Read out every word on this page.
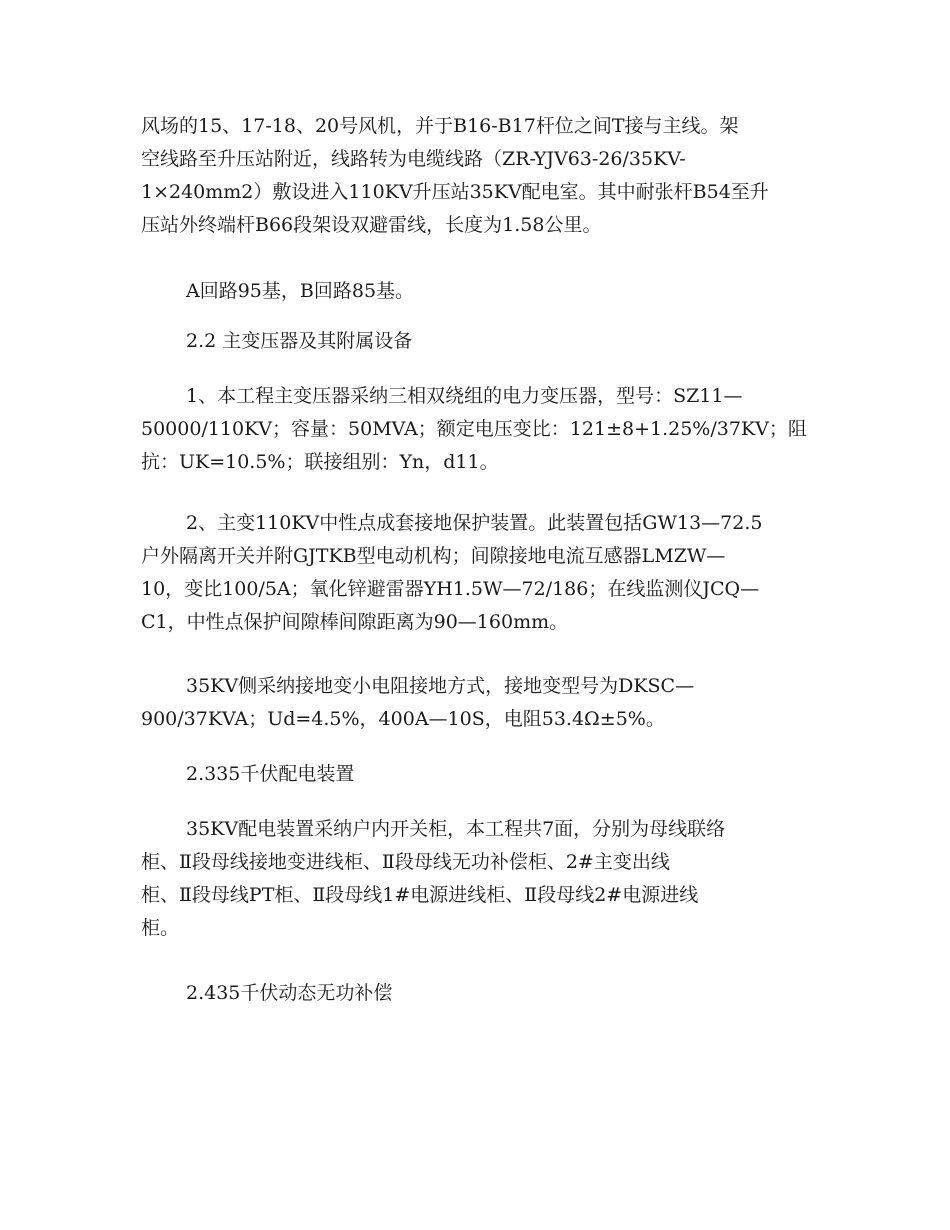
风场的15、17-18、20号风机，并于B16-B17杆位之间T接与主线。架
空线路至升压站附近，线路转为电缆线路（ZR-YJV63-26/35KV-
1×240mm2）敷设进入110KV升压站35KV配电室。其中耐张杆B54至升
压站外终端杆B66段架设双避雷线，长度为1.58公里。

A回路95基，B回路85基。

2.2 主变压器及其附属设备

1、本工程主变压器采纳三相双绕组的电力变压器，型号：SZ11—
50000/110KV；容量：50MVA；额定电压变比：121±8+1.25%/37KV；阻
抗：UK=10.5%；联接组别：Yn，d11。

2、主变110KV中性点成套接地保护装置。此装置包括GW13—72.5
户外隔离开关并附GJTKB型电动机构；间隙接地电流互感器LMZW—
10，变比100/5A；氧化锌避雷器YH1.5W—72/186；在线监测仪JCQ—
C1，中性点保护间隙棒间隙距离为90—160mm。

35KV侧采纳接地变小电阻接地方式，接地变型号为DKSC—
900/37KVA；Ud=4.5%，400A—10S，电阻53.4Ω±5%。

2.335千伏配电装置

35KV配电装置采纳户内开关柜，本工程共7面，分别为母线联络
柜、Ⅱ段母线接地变进线柜、Ⅱ段母线无功补偿柜、2#主变出线
柜、Ⅱ段母线PT柜、Ⅱ段母线1#电源进线柜、Ⅱ段母线2#电源进线
柜。

2.435千伏动态无功补偿
